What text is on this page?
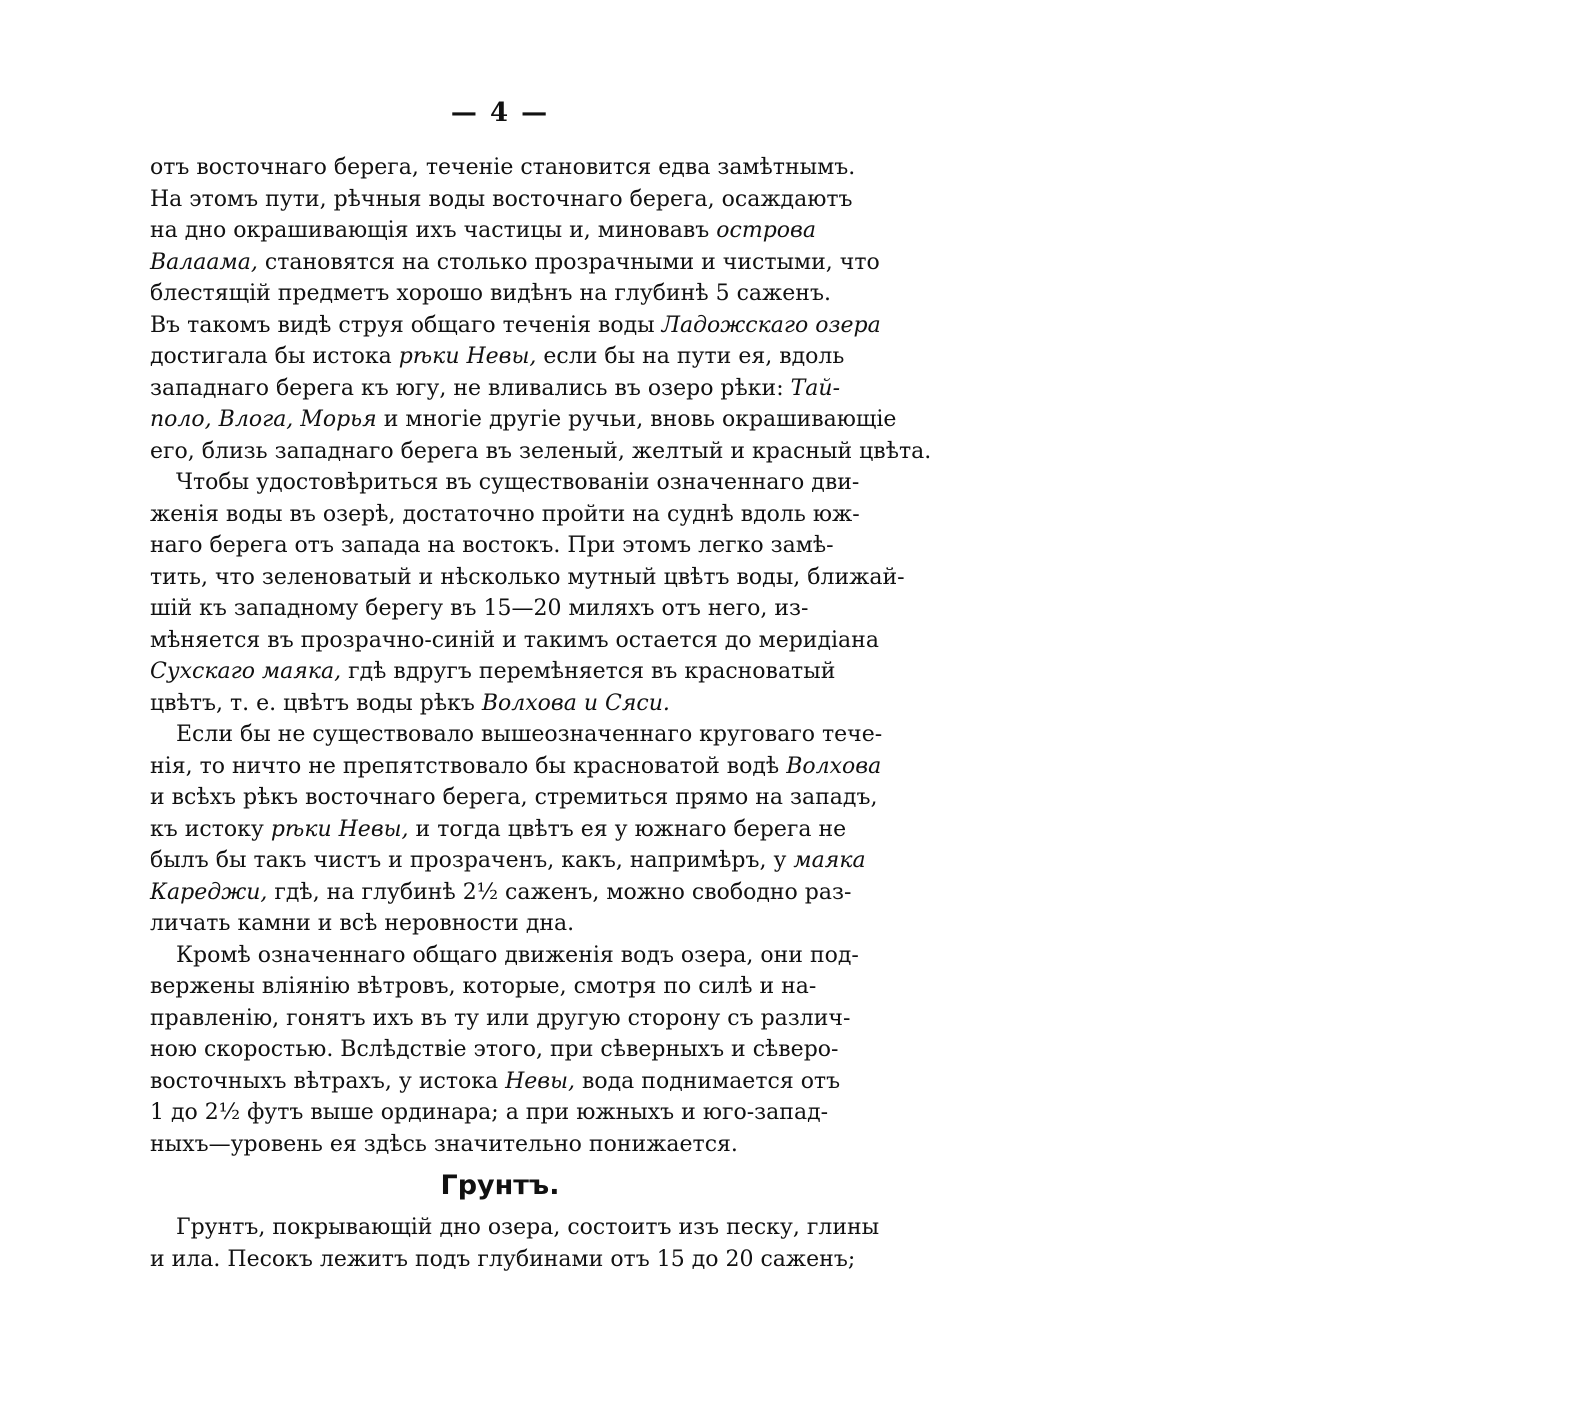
— 4 —
отъ восточнаго берега, теченіе становится едва замѣтнымъ.
На этомъ пути, рѣчныя воды восточнаго берега, осаждаютъ
на дно окрашивающія ихъ частицы и, миновавъ острова
Валаама, становятся на столько прозрачными и чистыми, что
блестящій предметъ хорошо видѣнъ на глубинѣ 5 саженъ.
Въ такомъ видѣ струя общаго теченія воды Ладожскаго озера
достигала бы истока рѣки Невы, если бы на пути ея, вдоль
западнаго берега къ югу, не вливались въ озеро рѣки: Тай-
поло, Влога, Морья и многіе другіе ручьи, вновь окрашивающіе
его, близь западнаго берега въ зеленый, желтый и красный цвѣта.
Чтобы удостовѣриться въ существованіи означеннаго дви-
женія воды въ озерѣ, достаточно пройти на суднѣ вдоль юж-
наго берега отъ запада на востокъ. При этомъ легко замѣ-
тить, что зеленоватый и нѣсколько мутный цвѣтъ воды, ближай-
шій къ западному берегу въ 15—20 миляхъ отъ него, из-
мѣняется въ прозрачно-синій и такимъ остается до меридіана
Сухскаго маяка, гдѣ вдругъ перемѣняется въ красноватый
цвѣтъ, т. е. цвѣтъ воды рѣкъ Волхова и Сяси.
Если бы не существовало вышеозначеннаго круговаго тече-
нія, то ничто не препятствовало бы красноватой водѣ Волхова
и всѣхъ рѣкъ восточнаго берега, стремиться прямо на западъ,
къ истоку рѣки Невы, и тогда цвѣтъ ея у южнаго берега не
былъ бы такъ чистъ и прозраченъ, какъ, напримѣръ, у маяка
Кареджи, гдѣ, на глубинѣ 2½ саженъ, можно свободно раз-
личать камни и всѣ неровности дна.
Кромѣ означеннаго общаго движенія водъ озера, они под-
вержены вліянію вѣтровъ, которые, смотря по силѣ и на-
правленію, гонятъ ихъ въ ту или другую сторону съ различ-
ною скоростью. Вслѣдствіе этого, при сѣверныхъ и сѣверо-
восточныхъ вѣтрахъ, у истока Невы, вода поднимается отъ
1 до 2½ футъ выше ординара; а при южныхъ и юго-запад-
ныхъ—уровень ея здѣсь значительно понижается.
Грунтъ.
Грунтъ, покрывающій дно озера, состоитъ изъ песку, глины
и ила. Песокъ лежитъ подъ глубинами отъ 15 до 20 саженъ;
